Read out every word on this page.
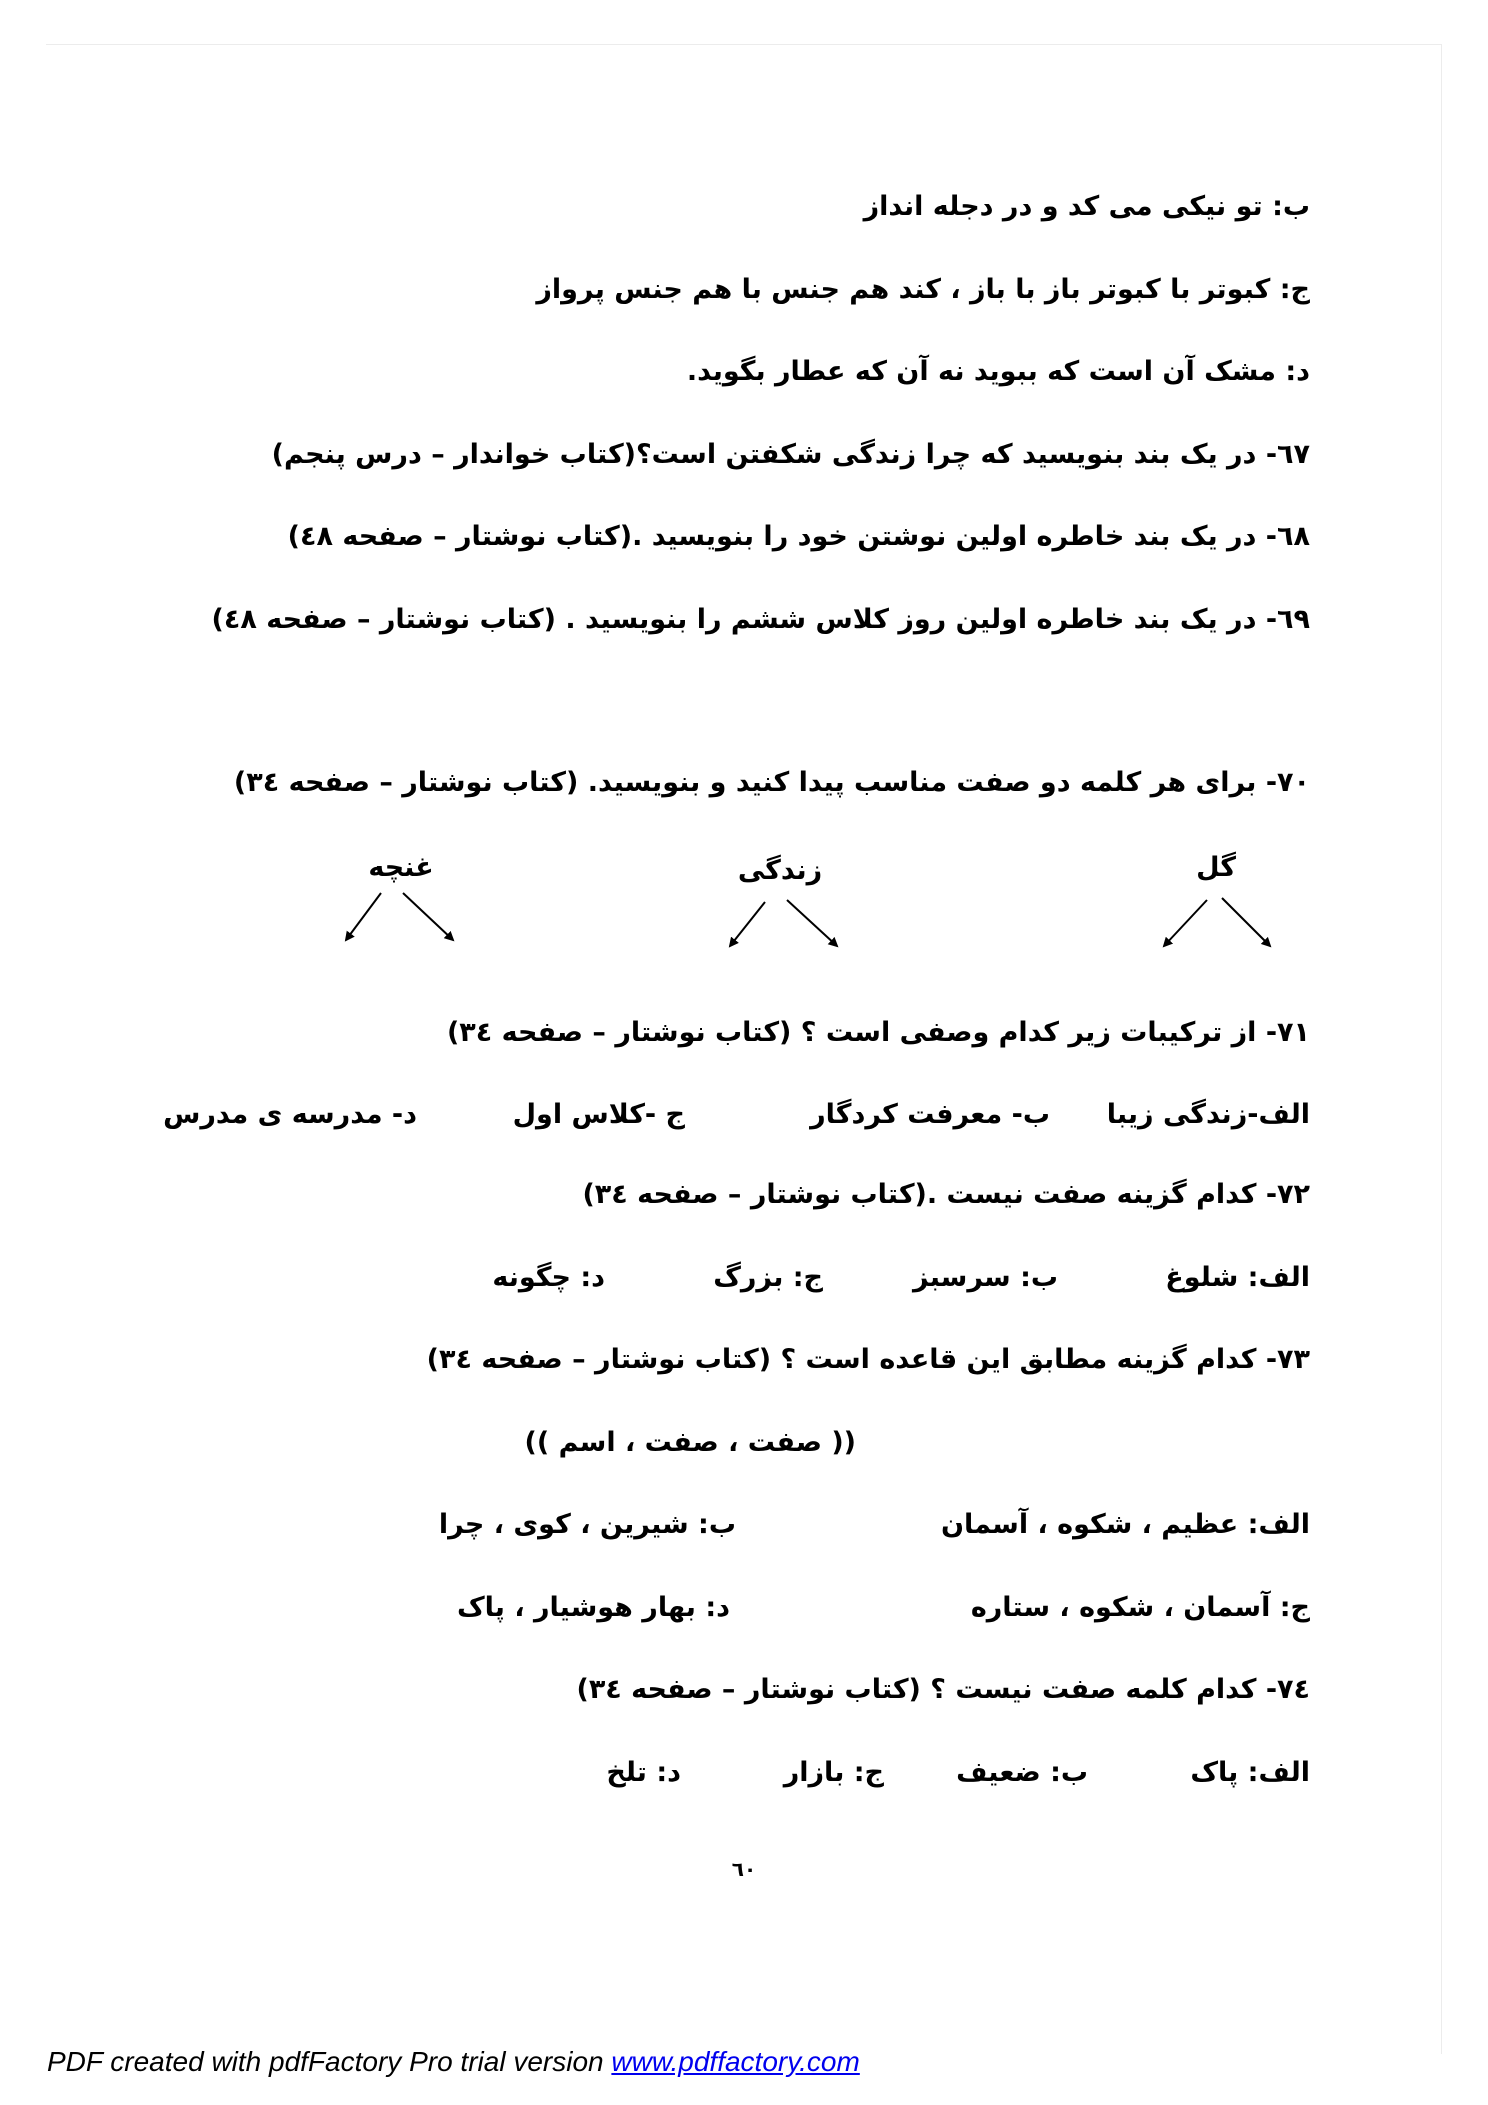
ب: تو نیکی می کد و در دجله انداز
ج: کبوتر با کبوتر باز با باز ، کند هم جنس با هم جنس پرواز
د: مشک آن است که ببوید نه آن که عطار بگوید.
٦٧- در یک بند بنویسید که چرا زندگی شکفتن است؟(کتاب خواندار – درس پنجم)
٦٨- در یک بند خاطره اولین نوشتن خود را بنویسید .(کتاب نوشتار – صفحه ٤٨)
٦٩- در یک بند خاطره اولین روز کلاس ششم را بنویسید . (کتاب نوشتار – صفحه ٤٨)
٧٠- برای هر کلمه دو صفت مناسب پیدا کنید و بنویسید. (کتاب نوشتار – صفحه ٣٤)
گل
زندگی
غنچه
٧١- از ترکیبات زیر کدام وصفی است ؟ (کتاب نوشتار – صفحه ٣٤)
الف-زندگی زیبا
ب- معرفت کردگار
ج -کلاس اول
د- مدرسه ی مدرس
٧٢- کدام گزینه صفت نیست .(کتاب نوشتار – صفحه ٣٤)
الف: شلوغ
ب: سرسبز
ج: بزرگ
د: چگونه
٧٣- کدام گزینه مطابق این قاعده است ؟ (کتاب نوشتار – صفحه ٣٤)
(( صفت ، صفت ، اسم ))
الف: عظیم ، شکوه ، آسمان
ب: شیرین ، کوی ، چرا
ج: آسمان ، شکوه ، ستاره
د: بهار هوشیار ، پاک
٧٤- کدام کلمه صفت نیست ؟ (کتاب نوشتار – صفحه ٣٤)
الف: پاک
ب: ضعیف
ج: بازار
د: تلخ
٦٠
PDF created with pdfFactory Pro trial version www.pdffactory.com
